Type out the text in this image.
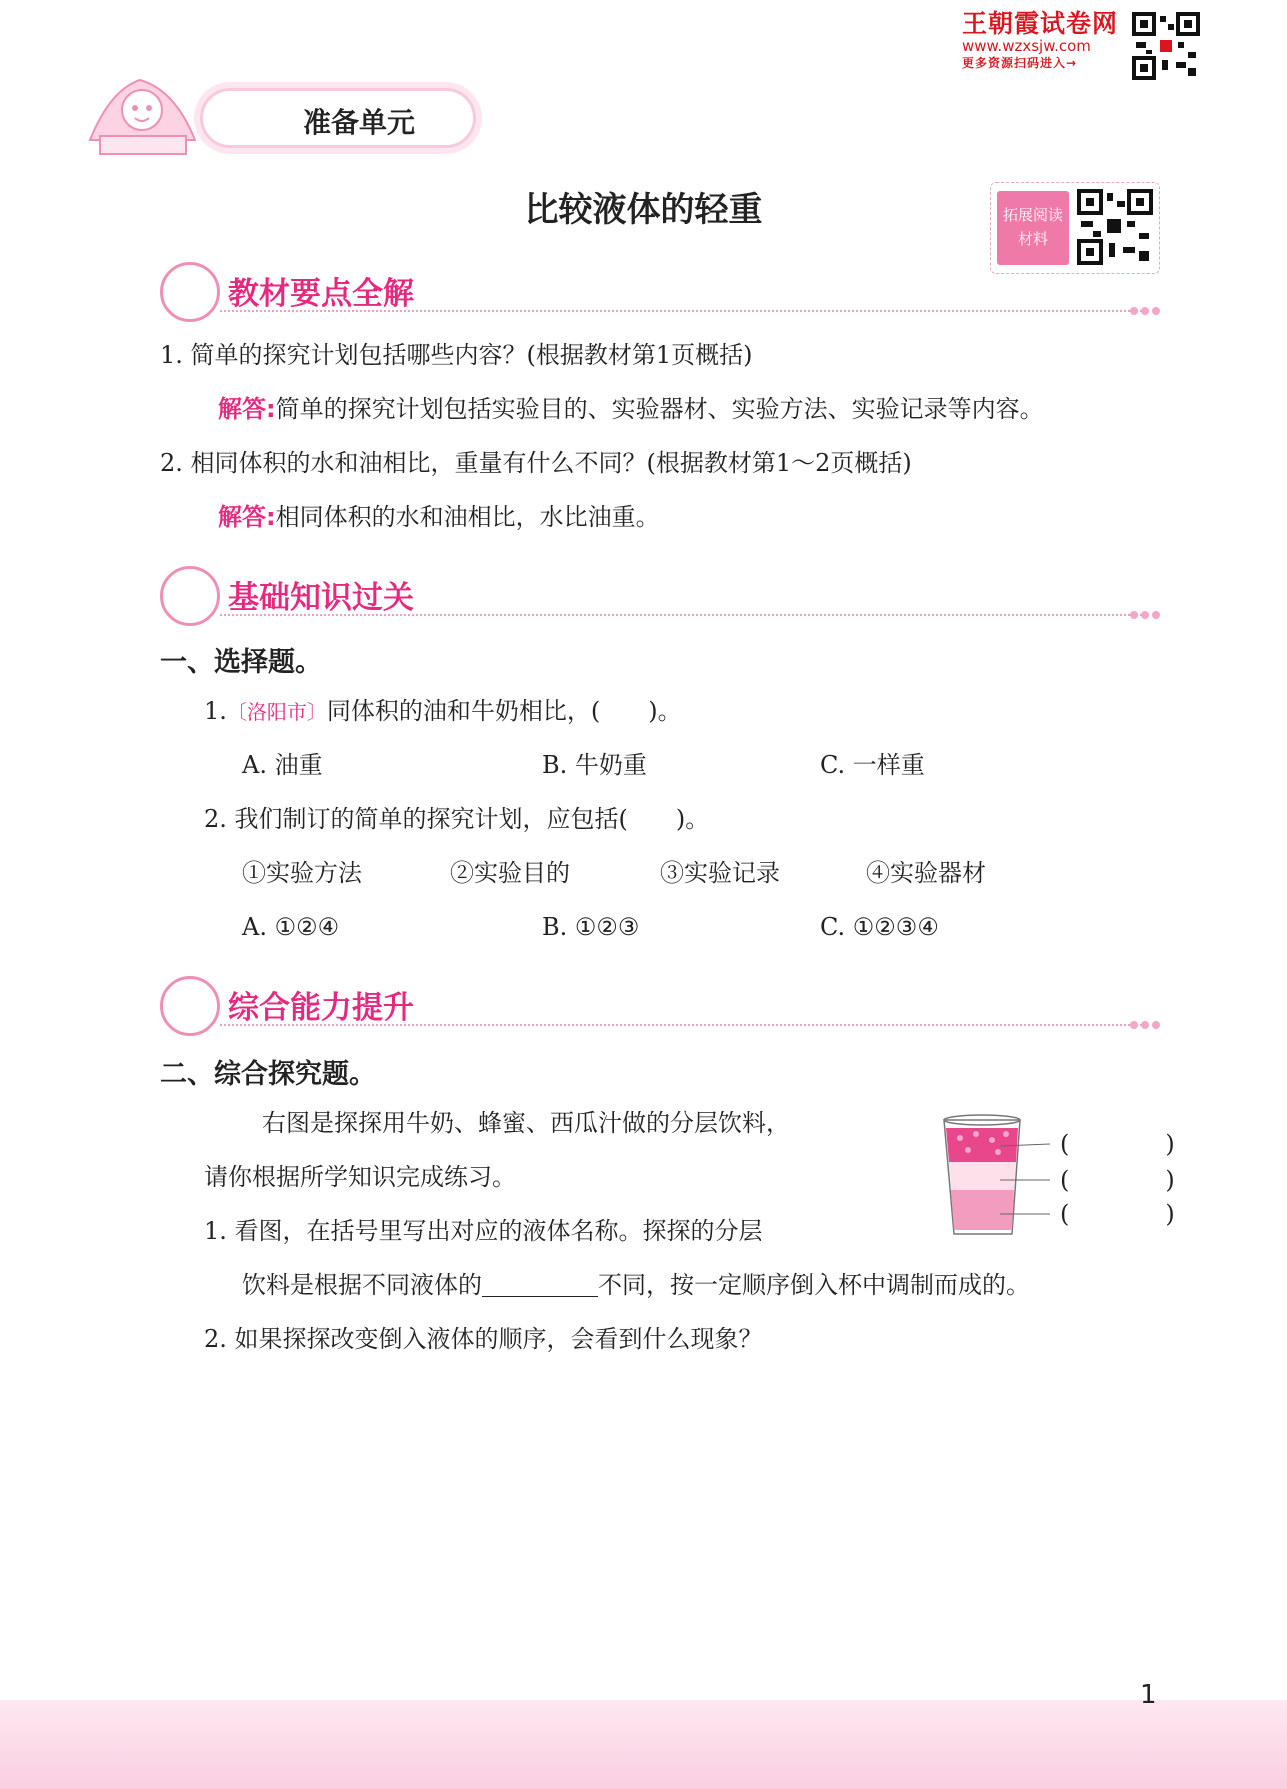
王朝霞试卷网
www.wzxsjw.com
更多资源扫码进入→
准备单元
比较液体的轻重	拓展阅读材料
教材要点全解
1. 简单的探究计划包括哪些内容？(根据教材第1页概括)
解答:简单的探究计划包括实验目的、实验器材、实验方法、实验记录等内容。
2. 相同体积的水和油相比，重量有什么不同？(根据教材第1～2页概括)
解答:相同体积的水和油相比，水比油重。
基础知识过关
一、选择题。
1.〔洛阳市〕同体积的油和牛奶相比，(　　)。
A. 油重	B. 牛奶重	C. 一样重
2. 我们制订的简单的探究计划，应包括(　　)。
①实验方法	②实验目的	③实验记录	④实验器材
A. ①②④	B. ①②③	C. ①②③④
综合能力提升
二、综合探究题。
右图是探探用牛奶、蜂蜜、西瓜汁做的分层饮料，
请你根据所学知识完成练习。
1. 看图，在括号里写出对应的液体名称。探探的分层
饮料是根据不同液体的	不同，按一定顺序倒入杯中调制而成的。
2. 如果探探改变倒入液体的顺序，会看到什么现象？
(　　　　)
(　　　　)
(　　　　)
1
